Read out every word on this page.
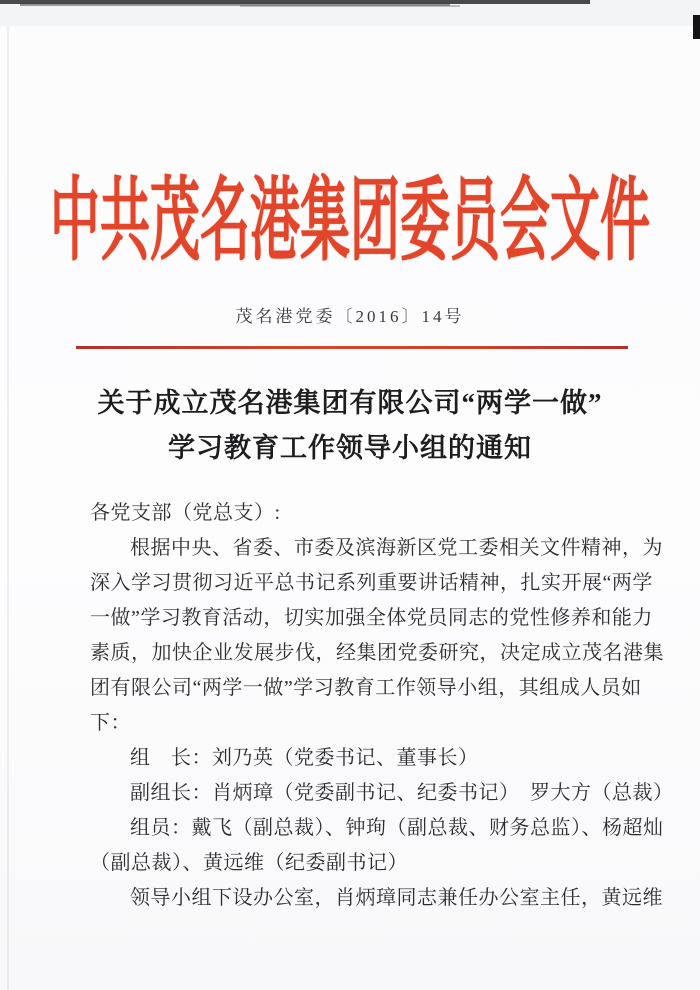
中共茂名港集团委员会文件
茂名港党委〔2016〕14号
关于成立茂名港集团有限公司“两学一做”
学习教育工作领导小组的通知
各党支部（党总支）:
根据中央、省委、市委及滨海新区党工委相关文件精神，为
深入学习贯彻习近平总书记系列重要讲话精神，扎实开展“两学
一做”学习教育活动，切实加强全体党员同志的党性修养和能力
素质，加快企业发展步伐，经集团党委研究，决定成立茂名港集
团有限公司“两学一做”学习教育工作领导小组，其组成人员如
下：
组　长：刘乃英（党委书记、董事长）
副组长：肖炳璋（党委副书记、纪委书记）　罗大方（总裁）
组员：戴飞（副总裁）、钟珣（副总裁、财务总监）、杨超灿
（副总裁）、黄远维（纪委副书记）
领导小组下设办公室，肖炳璋同志兼任办公室主任，黄远维
